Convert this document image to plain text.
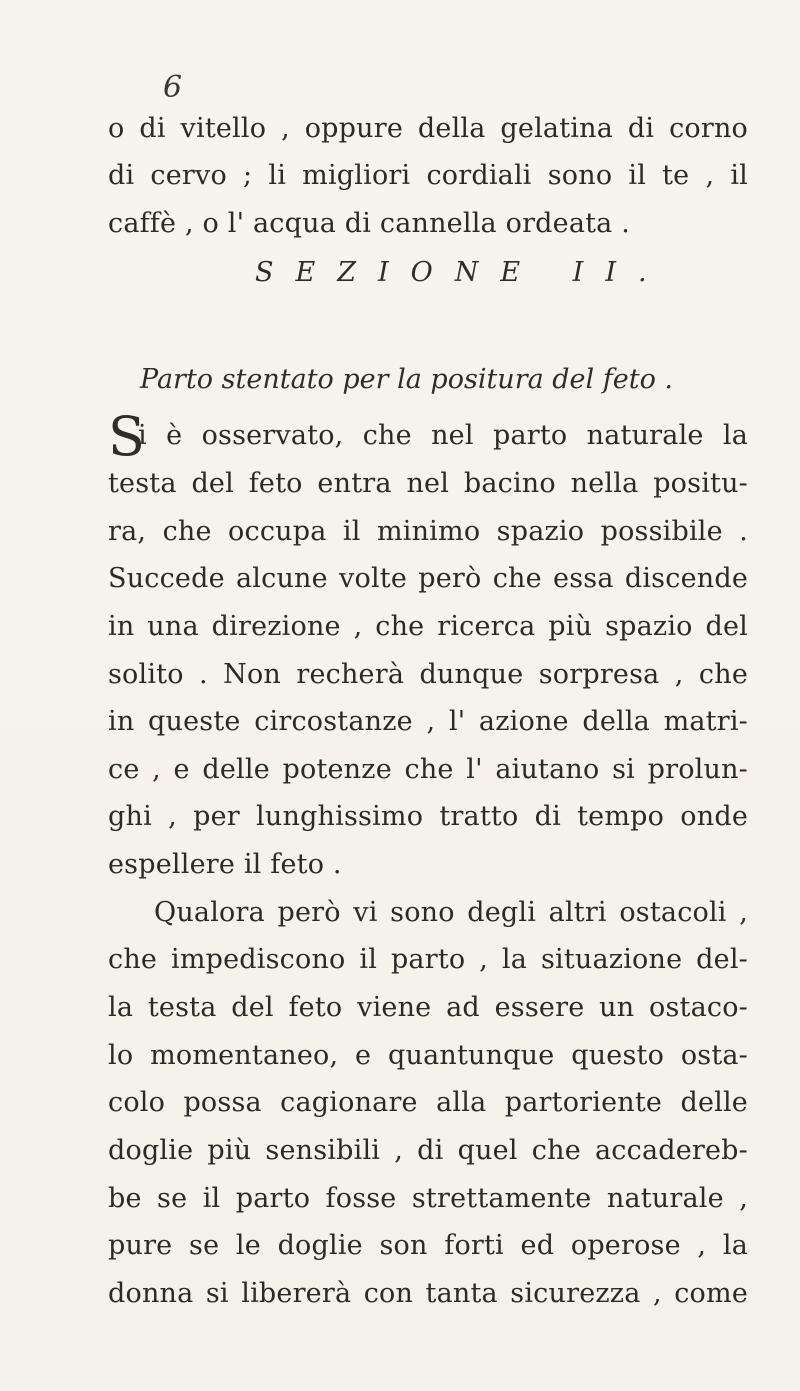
6
o di vitello , oppure della gelatina di corno
di cervo ; li migliori cordiali sono il te , il
caffè , o l' acqua di cannella ordeata .
SEZIONE II.
Parto stentato per la positura del feto .
S
i è osservato, che nel parto naturale la
testa del feto entra nel bacino nella positu-
ra, che occupa il minimo spazio possibile .
Succede alcune volte però che essa discende
in una direzione , che ricerca più spazio del
solito . Non recherà dunque sorpresa , che
in queste circostanze , l' azione della matri-
ce , e delle potenze che l' aiutano si prolun-
ghi , per lunghissimo tratto di tempo onde
espellere il feto .
Qualora però vi sono degli altri ostacoli ,
che impediscono il parto , la situazione del-
la testa del feto viene ad essere un ostaco-
lo momentaneo, e quantunque questo osta-
colo possa cagionare alla partoriente delle
doglie più sensibili , di quel che accadereb-
be se il parto fosse strettamente naturale ,
pure se le doglie son forti ed operose , la
donna si libererà con tanta sicurezza , come
